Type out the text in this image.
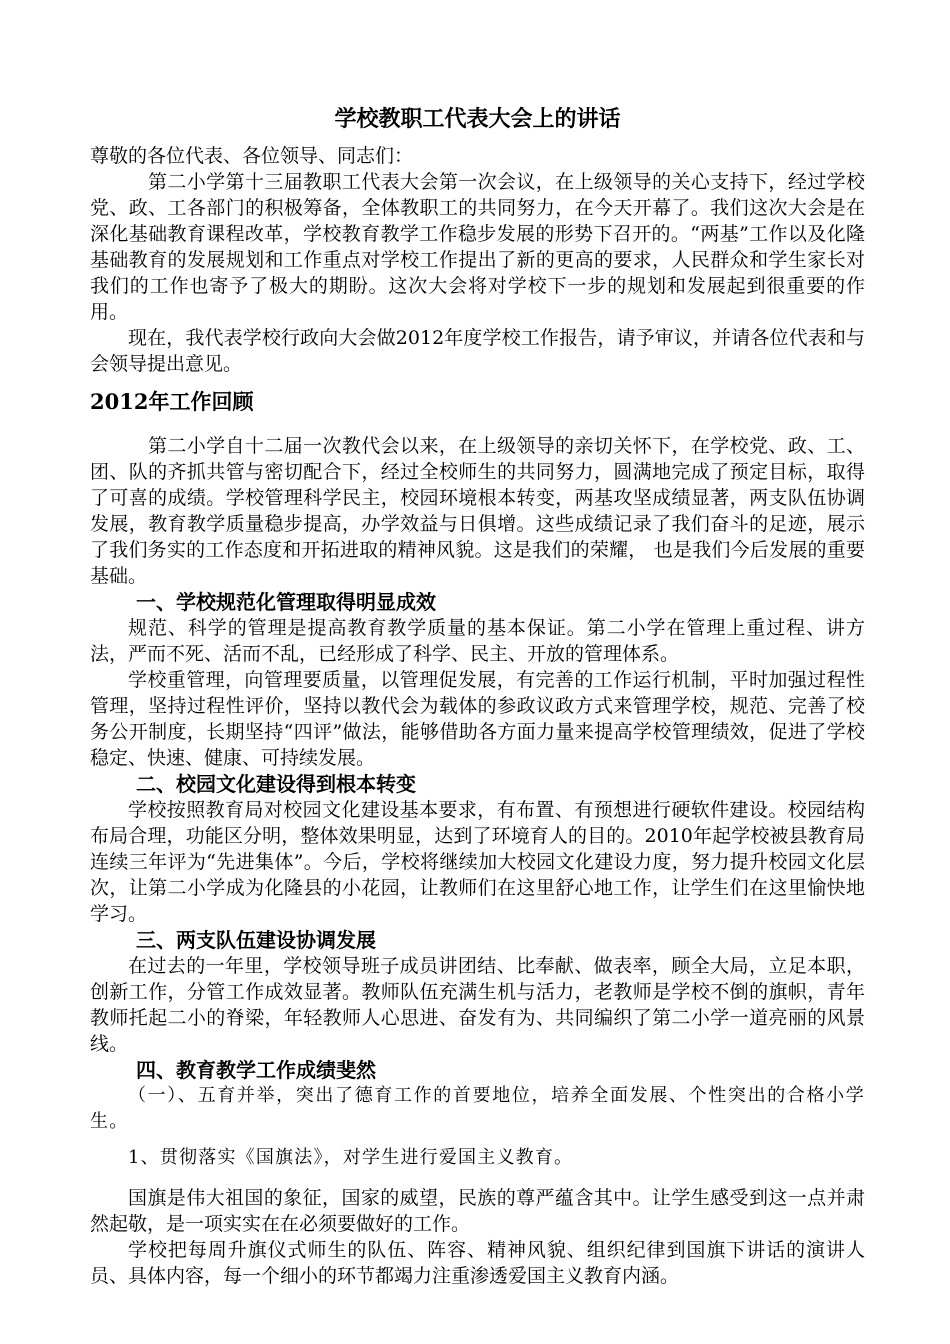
学校教职工代表大会上的讲话

尊敬的各位代表、各位领导、同志们：

第二小学第十三届教职工代表大会第一次会议，在上级领导的关心支持下，经过学校党、政、工各部门的积极筹备，全体教职工的共同努力，在今天开幕了。我们这次大会是在深化基础教育课程改革，学校教育教学工作稳步发展的形势下召开的。“两基”工作以及化隆基础教育的发展规划和工作重点对学校工作提出了新的更高的要求，人民群众和学生家长对我们的工作也寄予了极大的期盼。这次大会将对学校下一步的规划和发展起到很重要的作用。

现在，我代表学校行政向大会做2012年度学校工作报告，请予审议，并请各位代表和与会领导提出意见。

2012年工作回顾

第二小学自十二届一次教代会以来，在上级领导的亲切关怀下，在学校党、政、工、团、队的齐抓共管与密切配合下，经过全校师生的共同努力，圆满地完成了预定目标，取得了可喜的成绩。学校管理科学民主，校园环境根本转变，两基攻坚成绩显著，两支队伍协调发展，教育教学质量稳步提高，办学效益与日俱增。这些成绩记录了我们奋斗的足迹，展示了我们务实的工作态度和开拓进取的精神风貌。这是我们的荣耀， 也是我们今后发展的重要基础。

一、学校规范化管理取得明显成效

规范、科学的管理是提高教育教学质量的基本保证。第二小学在管理上重过程、讲方法，严而不死、活而不乱，已经形成了科学、民主、开放的管理体系。

学校重管理，向管理要质量，以管理促发展，有完善的工作运行机制，平时加强过程性管理，坚持过程性评价，坚持以教代会为载体的参政议政方式来管理学校，规范、完善了校务公开制度，长期坚持“四评”做法，能够借助各方面力量来提高学校管理绩效，促进了学校稳定、快速、健康、可持续发展。

二、校园文化建设得到根本转变

学校按照教育局对校园文化建设基本要求，有布置、有预想进行硬软件建设。校园结构布局合理，功能区分明，整体效果明显，达到了环境育人的目的。2010年起学校被县教育局连续三年评为“先进集体”。今后，学校将继续加大校园文化建设力度，努力提升校园文化层次，让第二小学成为化隆县的小花园，让教师们在这里舒心地工作，让学生们在这里愉快地学习。

三、两支队伍建设协调发展

在过去的一年里，学校领导班子成员讲团结、比奉献、做表率，顾全大局，立足本职，创新工作，分管工作成效显著。教师队伍充满生机与活力，老教师是学校不倒的旗帜，青年教师托起二小的脊梁，年轻教师人心思进、奋发有为、共同编织了第二小学一道亮丽的风景线。

四、教育教学工作成绩斐然

（一）、五育并举，突出了德育工作的首要地位，培养全面发展、个性突出的合格小学生。

1、贯彻落实《国旗法》，对学生进行爱国主义教育。

国旗是伟大祖国的象征，国家的威望，民族的尊严蕴含其中。让学生感受到这一点并肃然起敬，是一项实实在在必须要做好的工作。

学校把每周升旗仪式师生的队伍、阵容、精神风貌、组织纪律到国旗下讲话的演讲人员、具体内容，每一个细小的环节都竭力注重渗透爱国主义教育内涵。
